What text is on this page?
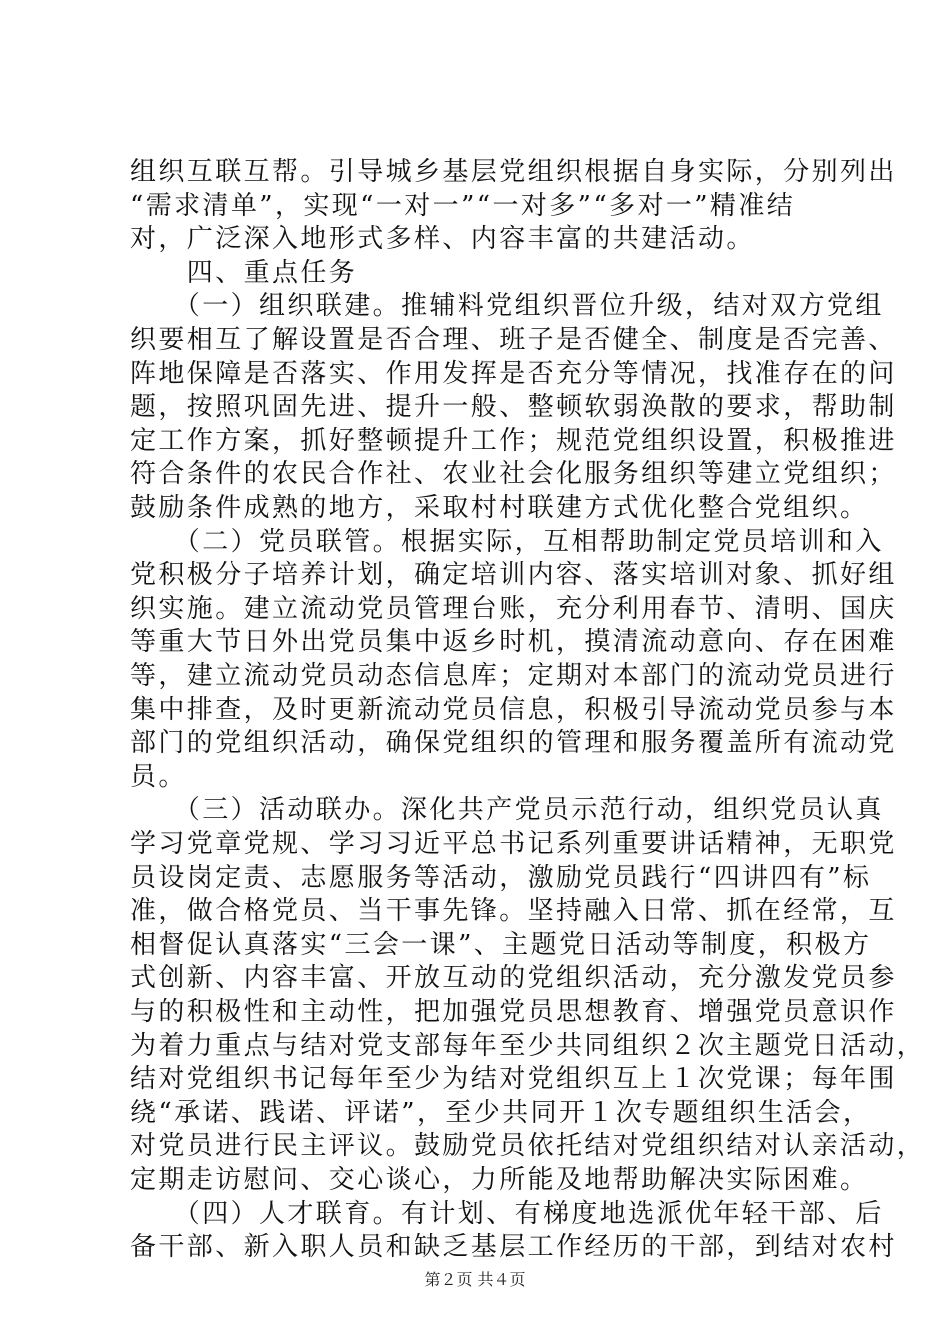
组织互联互帮。引导城乡基层党组织根据自身实际，分别列出
“需求清单”，实现“一对一”“一对多”“多对一”精准结
对，广泛深入地形式多样、内容丰富的共建活动。
　　四、重点任务
　　（一）组织联建。推辅料党组织晋位升级，结对双方党组
织要相互了解设置是否合理、班子是否健全、制度是否完善、
阵地保障是否落实、作用发挥是否充分等情况，找准存在的问
题，按照巩固先进、提升一般、整顿软弱涣散的要求，帮助制
定工作方案，抓好整顿提升工作；规范党组织设置，积极推进
符合条件的农民合作社、农业社会化服务组织等建立党组织；
鼓励条件成熟的地方，采取村村联建方式优化整合党组织。
　　（二）党员联管。根据实际，互相帮助制定党员培训和入
党积极分子培养计划，确定培训内容、落实培训对象、抓好组
织实施。建立流动党员管理台账，充分利用春节、清明、国庆
等重大节日外出党员集中返乡时机，摸清流动意向、存在困难
等，建立流动党员动态信息库；定期对本部门的流动党员进行
集中排查，及时更新流动党员信息，积极引导流动党员参与本
部门的党组织活动，确保党组织的管理和服务覆盖所有流动党
员。
　　（三）活动联办。深化共产党员示范行动，组织党员认真
学习党章党规、学习习近平总书记系列重要讲话精神，无职党
员设岗定责、志愿服务等活动，激励党员践行“四讲四有”标
准，做合格党员、当干事先锋。坚持融入日常、抓在经常，互
相督促认真落实“三会一课”、主题党日活动等制度，积极方
式创新、内容丰富、开放互动的党组织活动，充分激发党员参
与的积极性和主动性，把加强党员思想教育、增强党员意识作
为着力重点与结对党支部每年至少共同组织２次主题党日活动，
结对党组织书记每年至少为结对党组织互上１次党课；每年围
绕“承诺、践诺、评诺”，至少共同开１次专题组织生活会，
对党员进行民主评议。鼓励党员依托结对党组织结对认亲活动，
定期走访慰问、交心谈心，力所能及地帮助解决实际困难。
　　（四）人才联育。有计划、有梯度地选派优年轻干部、后
备干部、新入职人员和缺乏基层工作经历的干部，到结对农村
第２页 共４页
